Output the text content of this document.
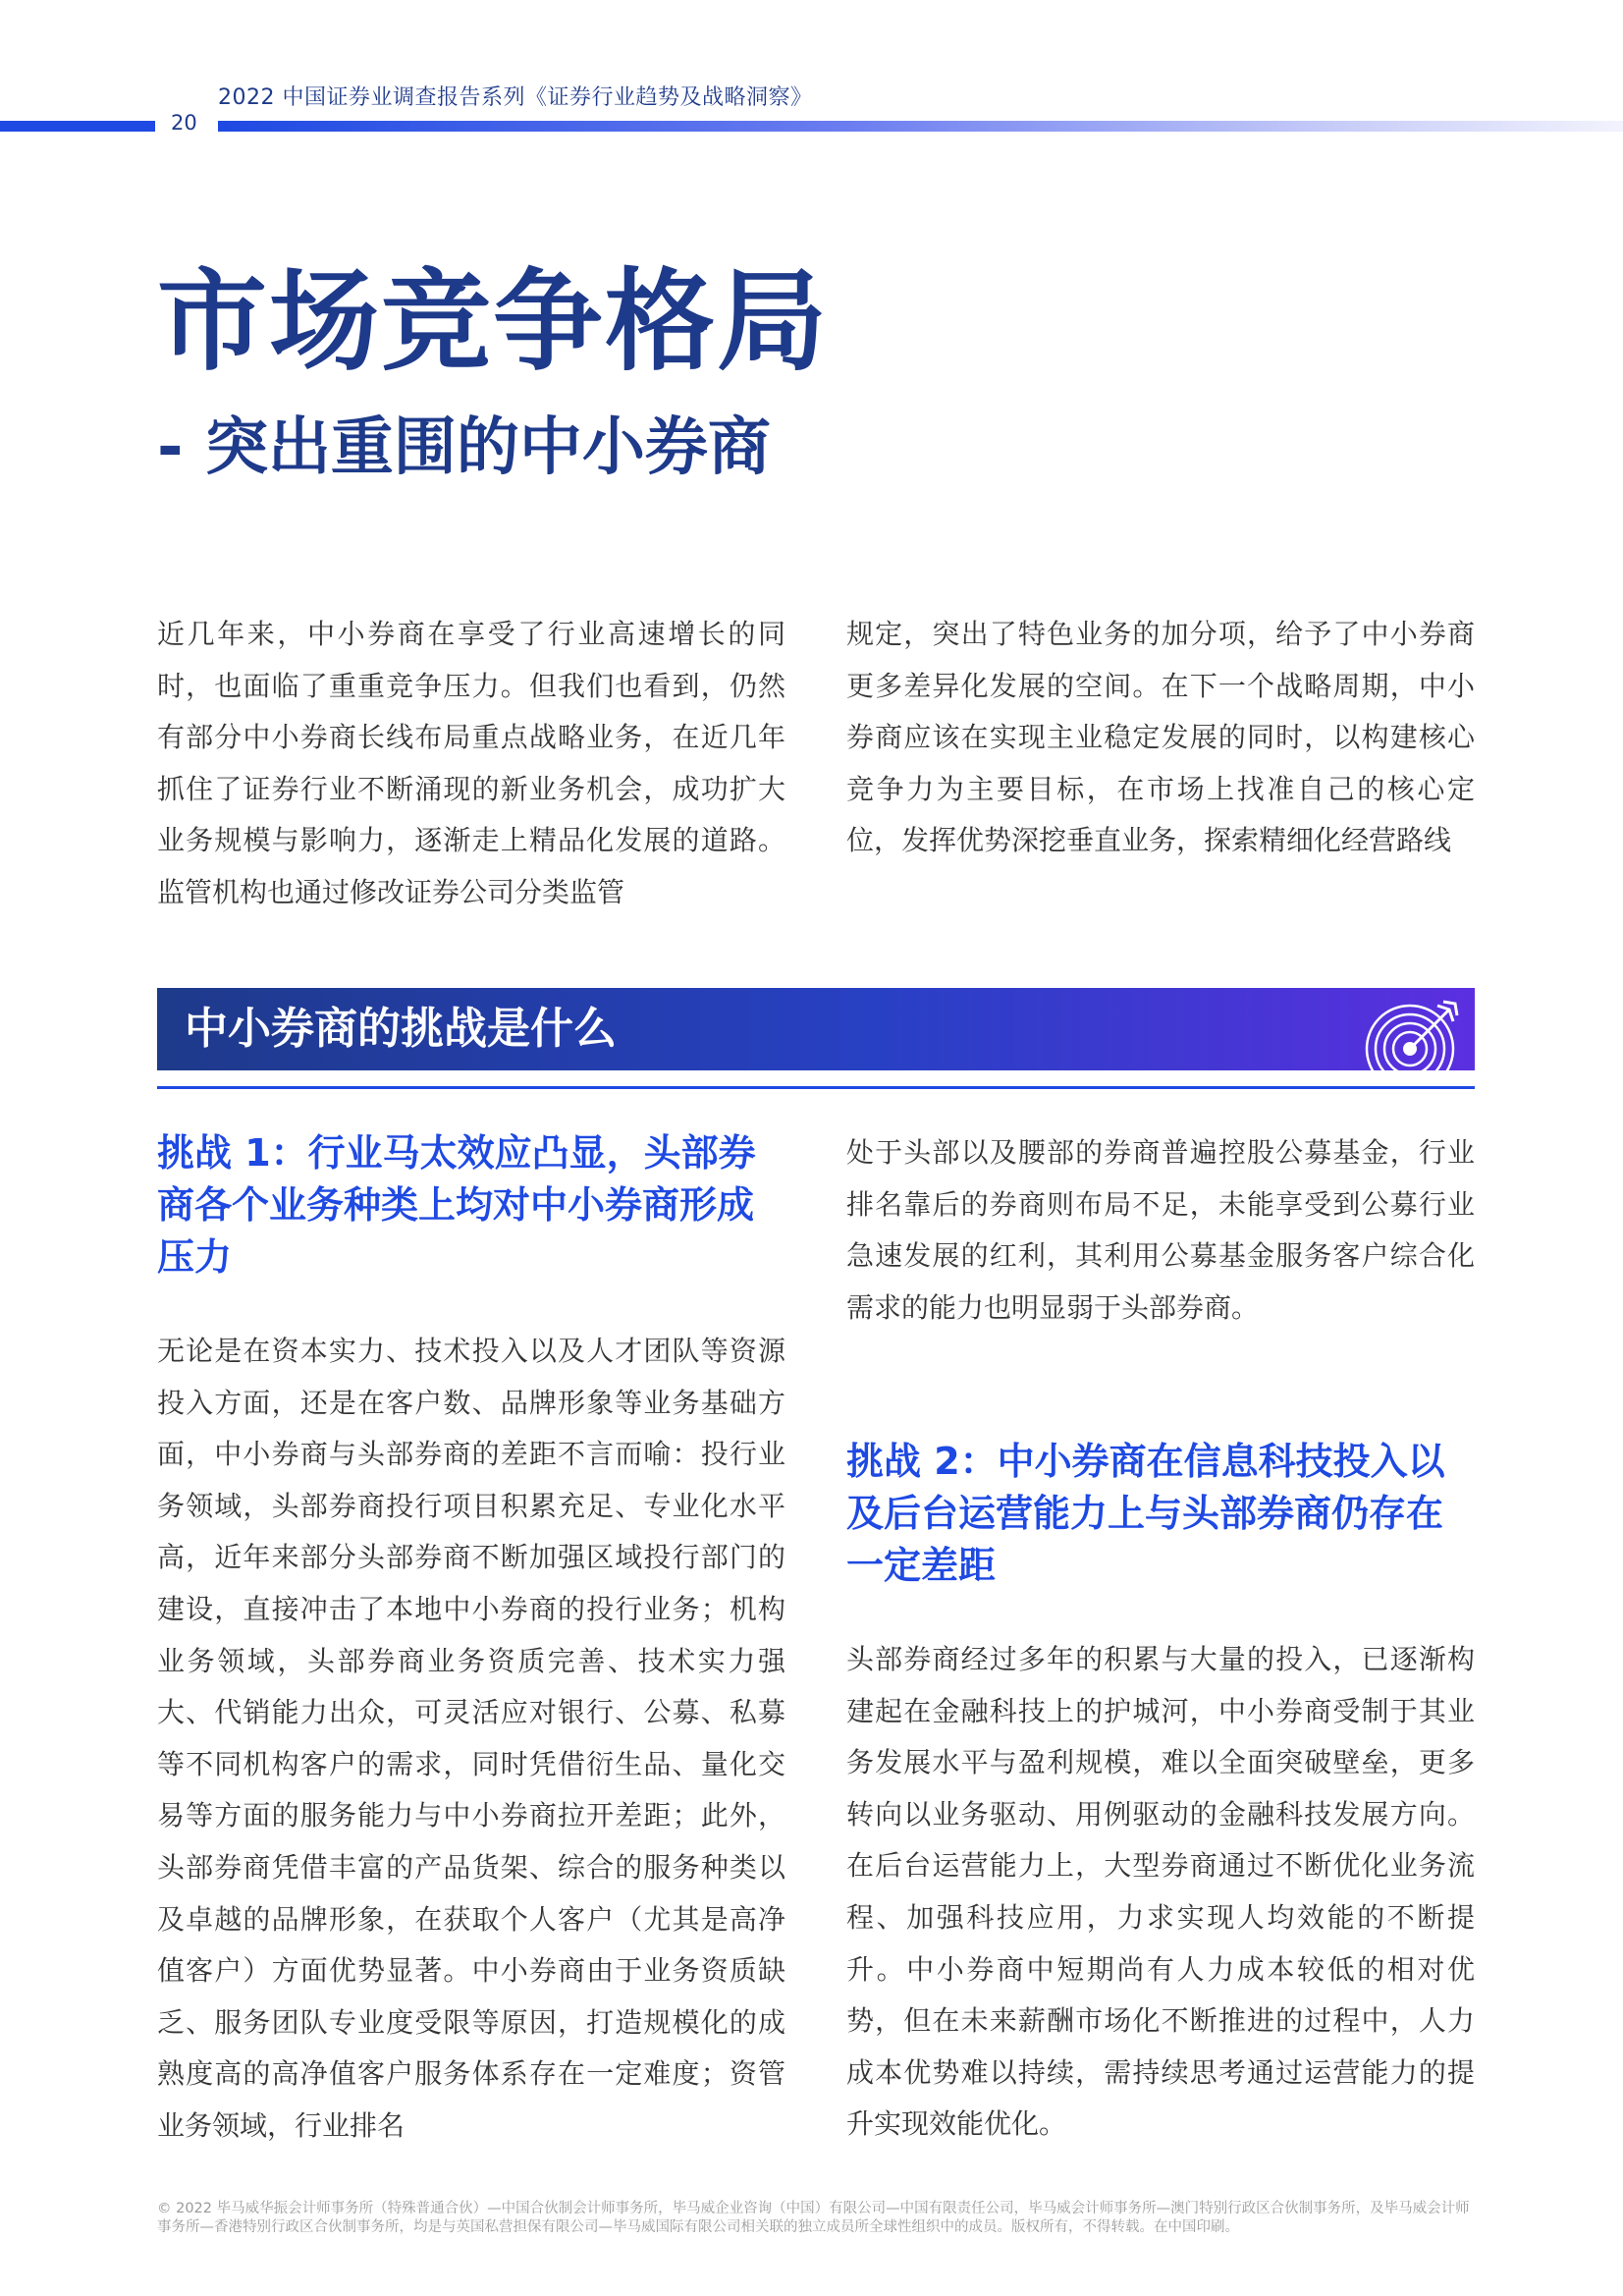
2022 中国证券业调查报告系列《证券行业趋势及战略洞察》
20
市场竞争格局
- 突出重围的中小券商

近几年来，中小券商在享受了行业高速增长的同时，也面临了重重竞争压力。但我们也看到，仍然有部分中小券商长线布局重点战略业务，在近几年抓住了证券行业不断涌现的新业务机会，成功扩大业务规模与影响力，逐渐走上精品化发展的道路。监管机构也通过修改证券公司分类监管

规定，突出了特色业务的加分项，给予了中小券商更多差异化发展的空间。在下一个战略周期，中小券商应该在实现主业稳定发展的同时，以构建核心竞争力为主要目标，在市场上找准自己的核心定位，发挥优势深挖垂直业务，探索精细化经营路线

中小券商的挑战是什么
挑战 1：行业马太效应凸显，头部券商各个业务种类上均对中小券商形成压力

无论是在资本实力、技术投入以及人才团队等资源投入方面，还是在客户数、品牌形象等业务基础方面，中小券商与头部券商的差距不言而喻：投行业务领域，头部券商投行项目积累充足、专业化水平高，近年来部分头部券商不断加强区域投行部门的建设，直接冲击了本地中小券商的投行业务；机构业务领域，头部券商业务资质完善、技术实力强大、代销能力出众，可灵活应对银行、公募、私募等不同机构客户的需求，同时凭借衍生品、量化交易等方面的服务能力与中小券商拉开差距；此外，头部券商凭借丰富的产品货架、综合的服务种类以及卓越的品牌形象，在获取个人客户（尤其是高净值客户）方面优势显著。中小券商由于业务资质缺乏、服务团队专业度受限等原因，打造规模化的成熟度高的高净值客户服务体系存在一定难度；资管业务领域，行业排名

处于头部以及腰部的券商普遍控股公募基金，行业排名靠后的券商则布局不足，未能享受到公募行业急速发展的红利，其利用公募基金服务客户综合化需求的能力也明显弱于头部券商。

挑战 2：中小券商在信息科技投入以及后台运营能力上与头部券商仍存在一定差距

头部券商经过多年的积累与大量的投入，已逐渐构建起在金融科技上的护城河，中小券商受制于其业务发展水平与盈利规模，难以全面突破壁垒，更多转向以业务驱动、用例驱动的金融科技发展方向。在后台运营能力上，大型券商通过不断优化业务流程、加强科技应用，力求实现人均效能的不断提升。中小券商中短期尚有人力成本较低的相对优势，但在未来薪酬市场化不断推进的过程中，人力成本优势难以持续，需持续思考通过运营能力的提升实现效能优化。

© 2022 毕马威华振会计师事务所（特殊普通合伙）—中国合伙制会计师事务所，毕马威企业咨询（中国）有限公司—中国有限责任公司，毕马威会计师事务所—澳门特别行政区合伙制事务所，及毕马威会计师事务所—香港特别行政区合伙制事务所，均是与英国私营担保有限公司—毕马威国际有限公司相关联的独立成员所全球性组织中的成员。版权所有，不得转载。在中国印刷。
